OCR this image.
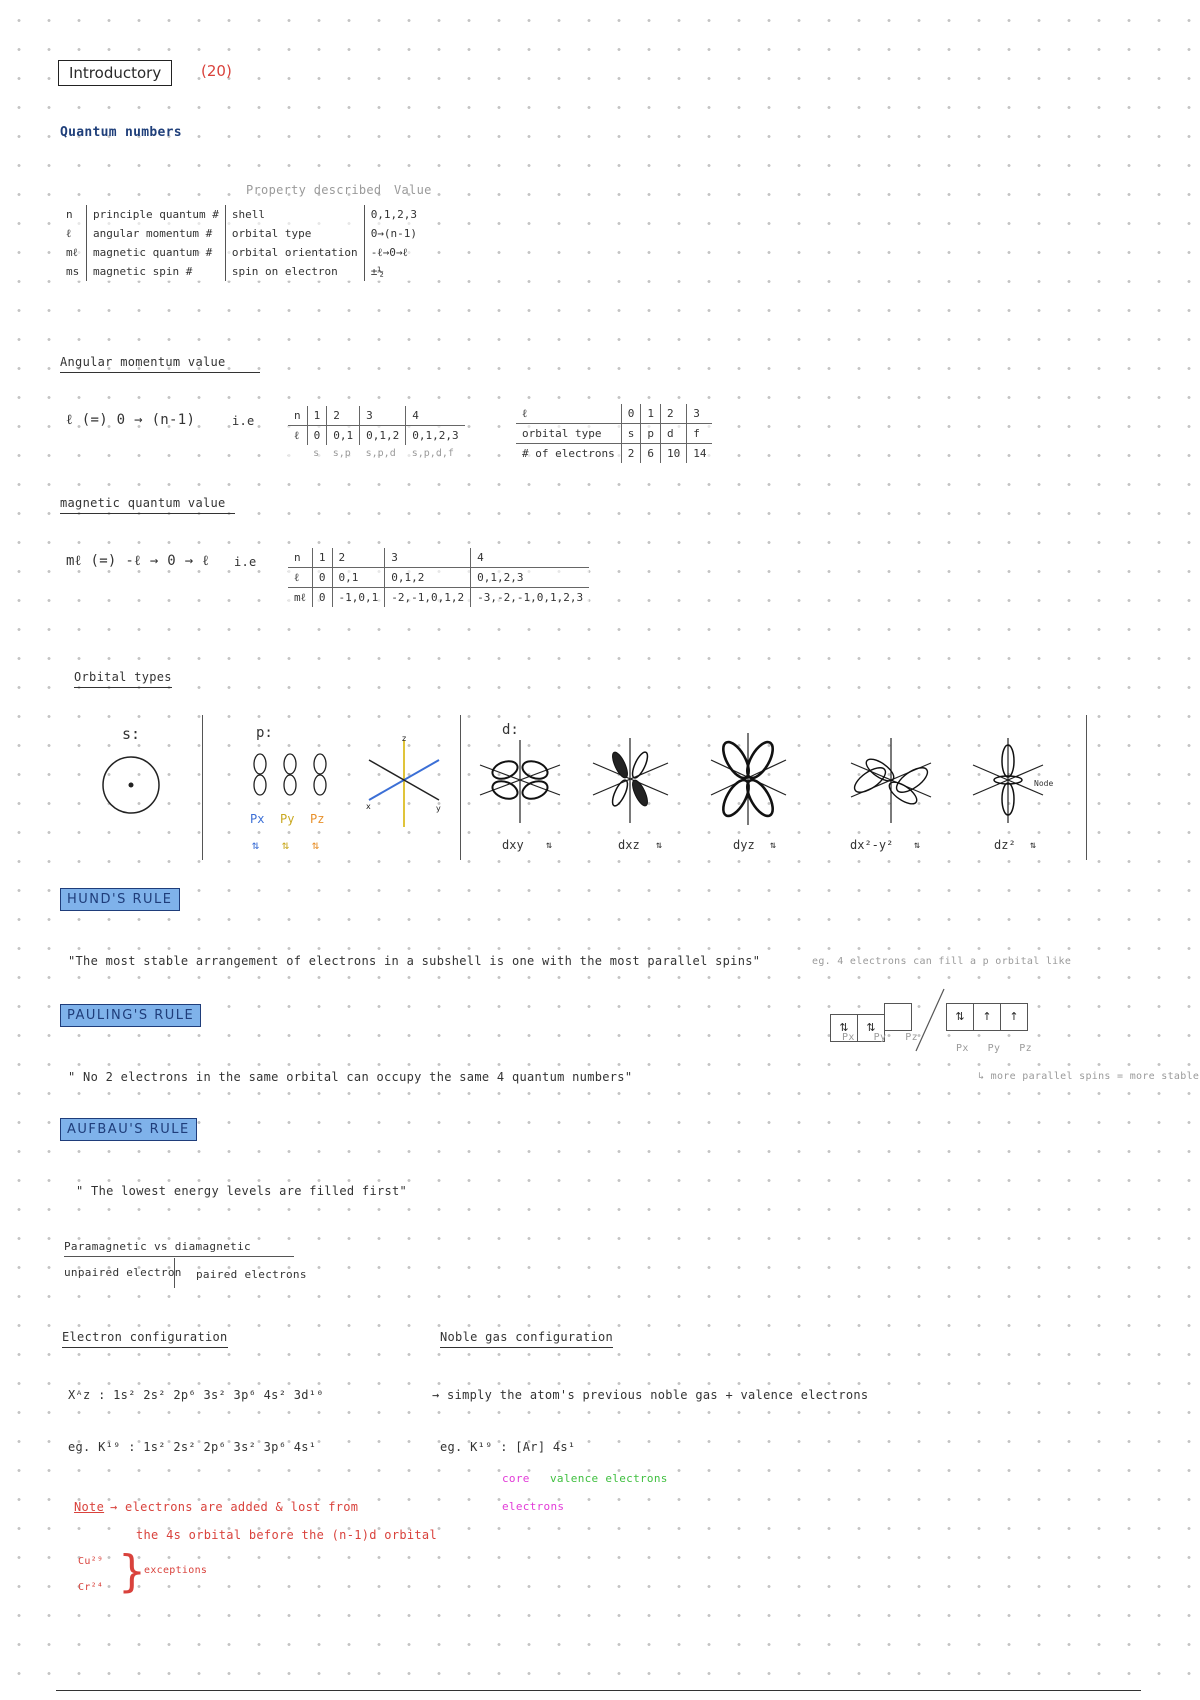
Introductory	(20)
Quantum numbers
Property described Value
n	principle quantum #	shell	0,1,2,3
ℓ	angular momentum #	orbital type	0→(n-1)
mℓ	magnetic quantum #	orbital orientation	-ℓ→0→ℓ
ms	magnetic spin #	spin on electron	±½
Angular momentum value
ℓ (=) 0 → (n-1)	i.e	n	1	2	3	4
ℓ	0	0,1	0,1,2	0,1,2,3
	s	s,p	s,p,d	s,p,d,f
ℓ	0	1	2	3
orbital type	s	p	d	f
# of electrons	2	6	10	14
magnetic quantum value
mℓ (=) -ℓ → 0 → ℓ i.e	n	1	2	3	4
ℓ	0	0,1	0,1,2	0,1,2,3
mℓ	0	-1,0,1	-2,-1,0,1,2	-3,-2,-1,0,1,2,3
Orbital types
s:	p:
Px Py Pz
⇅ ⇅ ⇅
z
x	y
d:
Node
dxy ⇅	dxz ⇅	dyz ⇅	dx²-y² ⇅	dz² ⇅
HUND'S RULE
"The most stable arrangement of electrons in a subshell is one with the most parallel spins"	eg. 4 electrons can fill a p orbital like
⇅ ⇅
Px Py Pz
⇅ ↑ ↑
Px Py Pz
↳ more parallel spins = more stable
PAULING'S RULE
" No 2 electrons in the same orbital can occupy the same 4 quantum numbers"
AUFBAU'S RULE
" The lowest energy levels are filled first"
Paramagnetic vs diamagnetic
unpaired electron paired electrons
Electron configuration
Xᴬz : 1s² 2s² 2p⁶ 3s² 3p⁶ 4s² 3d¹⁰
eg. K¹⁹ : 1s² 2s² 2p⁶ 3s² 3p⁶ 4s¹
Note → electrons are added & lost from
the 4s orbital before the (n-1)d orbital
Cu²⁹
Cr²⁴ }
exceptions
Noble gas configuration
→ simply the atom's previous noble gas + valence electrons
eg. K¹⁹ : [Ar] 4s¹
core valence electrons
electrons
